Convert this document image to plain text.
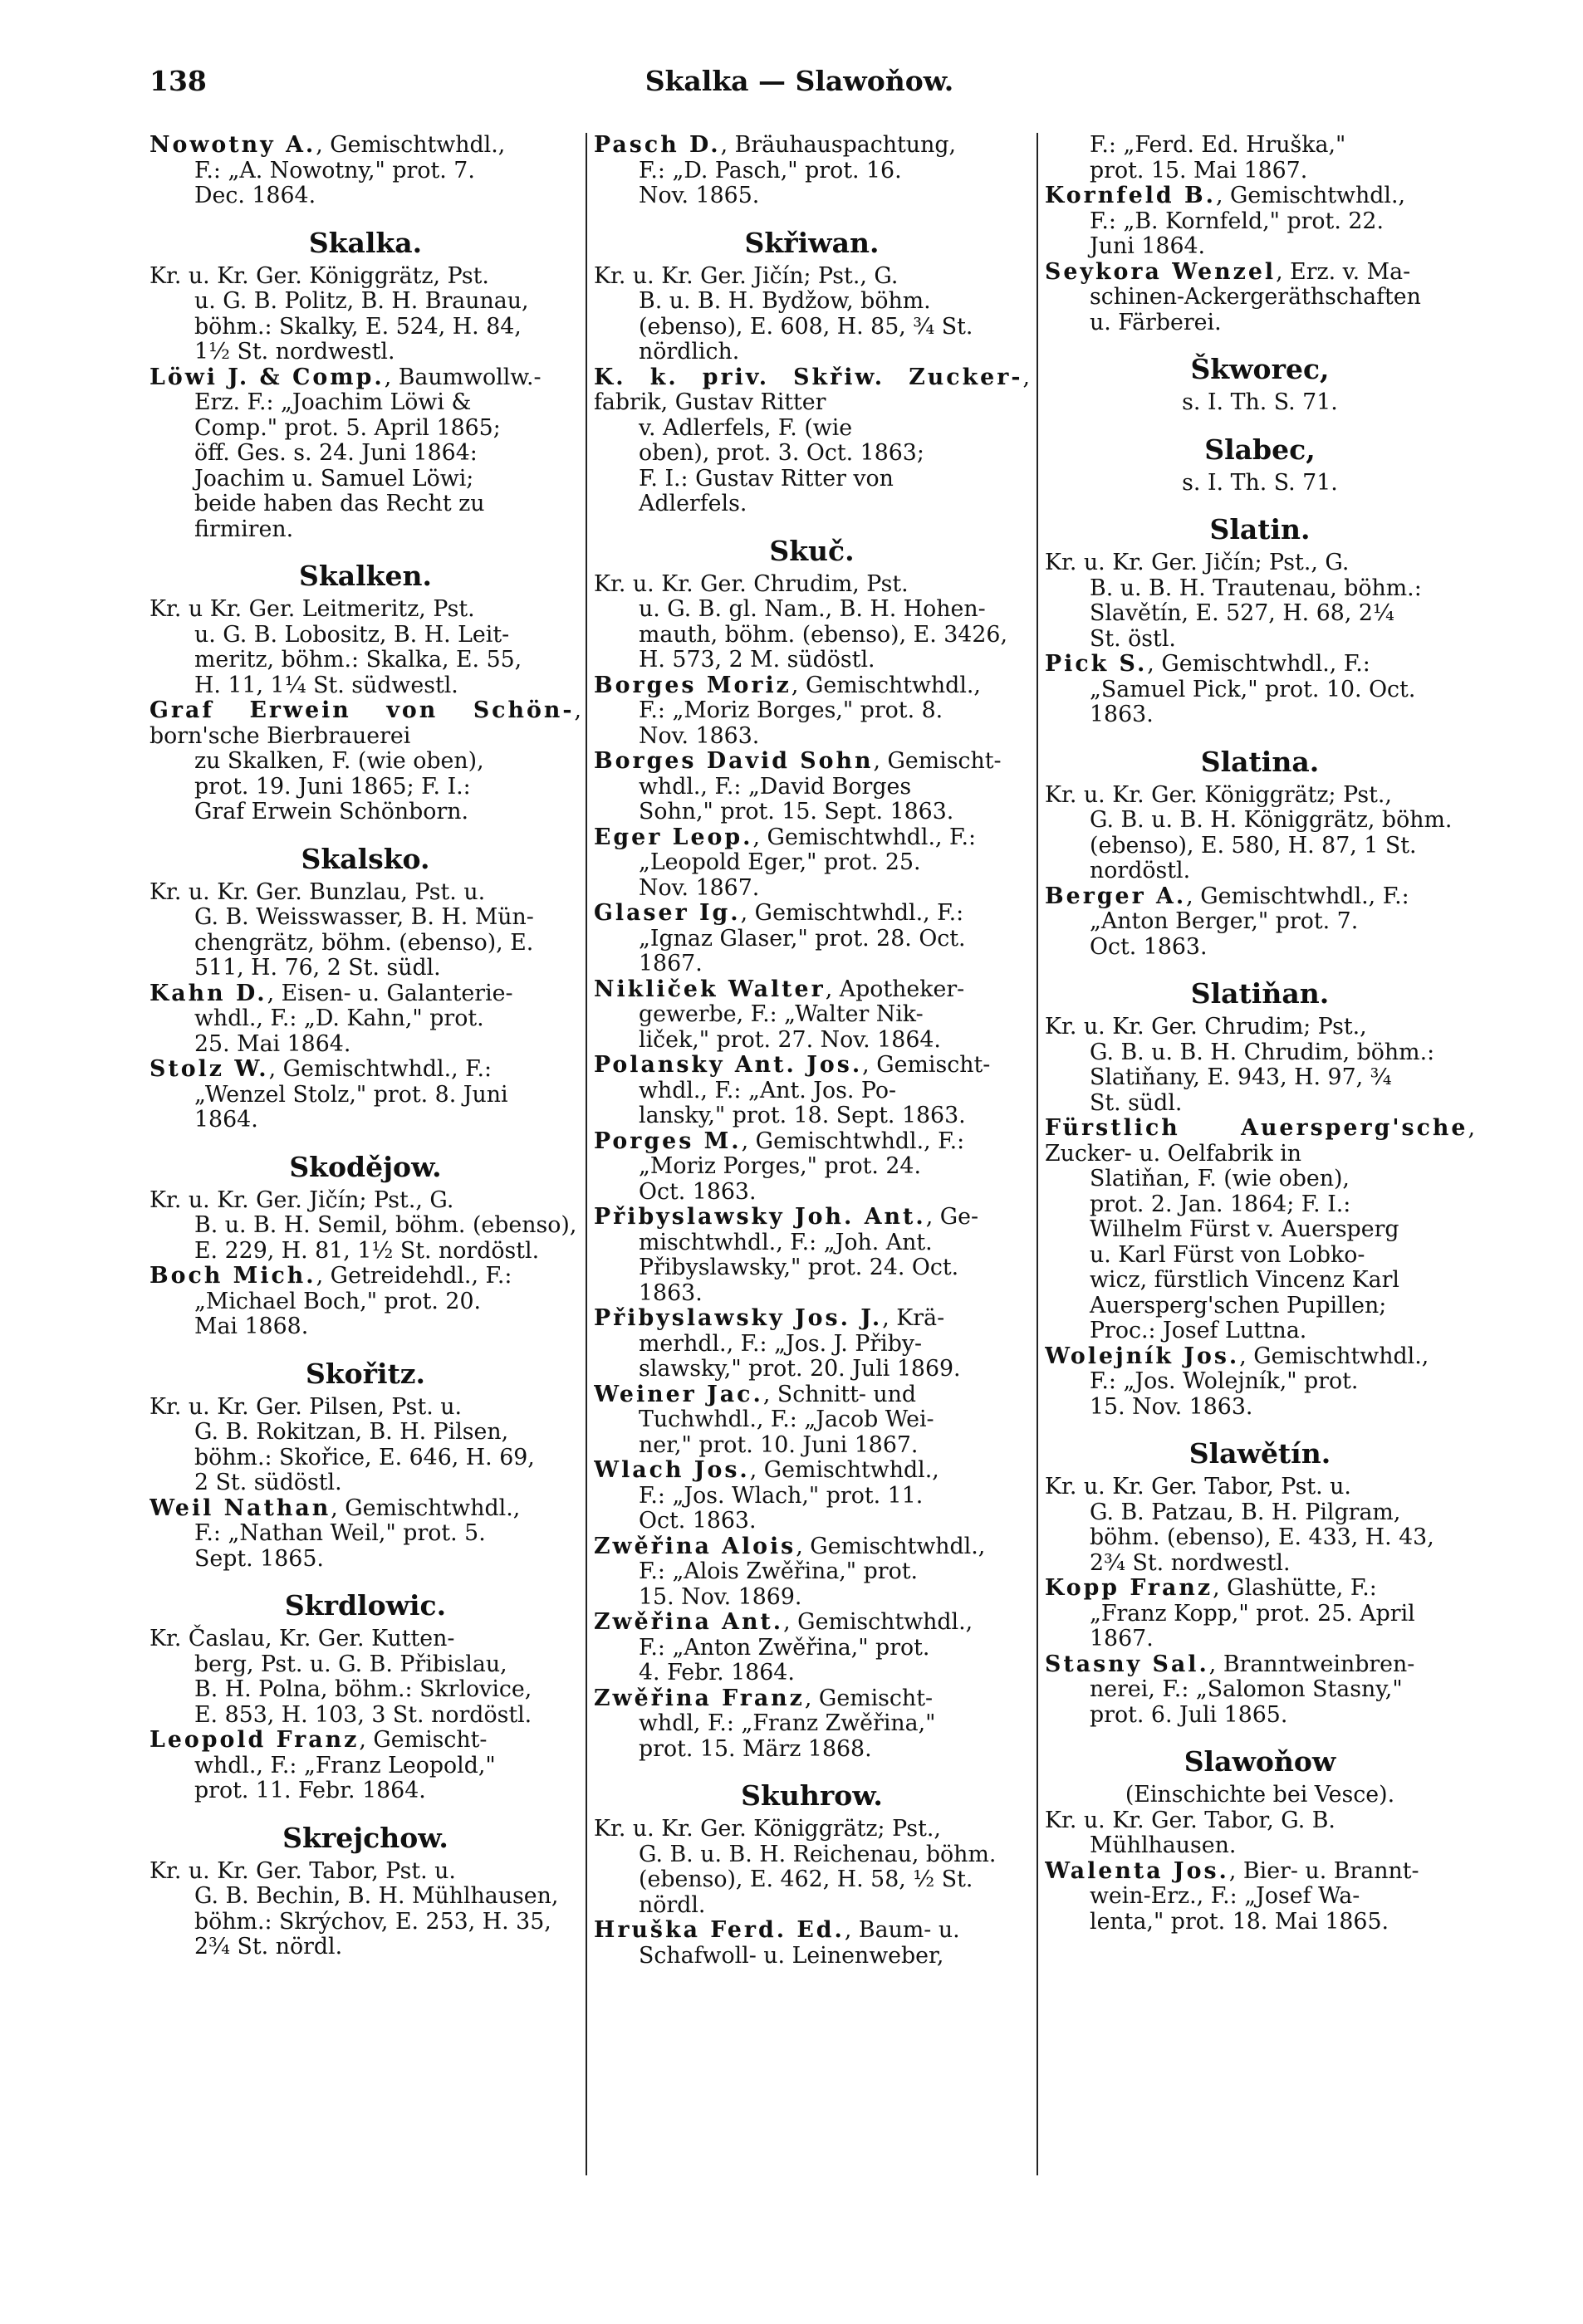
138	Skalka — Slawoňow.
Nowotny A., Gemischtwhdl.,
F.: „A. Nowotny," prot. 7.
Dec. 1864.
Skalka.
Kr. u. Kr. Ger. Königgrätz, Pst.
u. G. B. Politz, B. H. Braunau,
böhm.: Skalky, E. 524, H. 84,
1½ St. nordwestl.
Löwi J. & Comp., Baumwollw.-
Erz. F.: „Joachim Löwi &
Comp." prot. 5. April 1865;
öff. Ges. s. 24. Juni 1864:
Joachim u. Samuel Löwi;
beide haben das Recht zu
firmiren.
Skalken.
Kr. u Kr. Ger. Leitmeritz, Pst.
u. G. B. Lobositz, B. H. Leit-
meritz, böhm.: Skalka, E. 55,
H. 11, 1¼ St. südwestl.
Graf Erwein von Schön-, born'sche Bierbrauerei
zu Skalken, F. (wie oben),
prot. 19. Juni 1865; F. I.:
Graf Erwein Schönborn.
Skalsko.
Kr. u. Kr. Ger. Bunzlau, Pst. u.
G. B. Weisswasser, B. H. Mün-
chengrätz, böhm. (ebenso), E.
511, H. 76, 2 St. südl.
Kahn D., Eisen- u. Galanterie-
whdl., F.: „D. Kahn," prot.
25. Mai 1864.
Stolz W., Gemischtwhdl., F.:
„Wenzel Stolz," prot. 8. Juni
1864.
Skodějow.
Kr. u. Kr. Ger. Jičín; Pst., G.
B. u. B. H. Semil, böhm. (ebenso),
E. 229, H. 81, 1½ St. nordöstl.
Boch Mich., Getreidehdl., F.:
„Michael Boch," prot. 20.
Mai 1868.
Skořitz.
Kr. u. Kr. Ger. Pilsen, Pst. u.
G. B. Rokitzan, B. H. Pilsen,
böhm.: Skořice, E. 646, H. 69,
2 St. südöstl.
Weil Nathan, Gemischtwhdl.,
F.: „Nathan Weil," prot. 5.
Sept. 1865.
Skrdlowic.
Kr. Časlau, Kr. Ger. Kutten-
berg, Pst. u. G. B. Přibislau,
B. H. Polna, böhm.: Skrlovice,
E. 853, H. 103, 3 St. nordöstl.
Leopold Franz, Gemischt-
whdl., F.: „Franz Leopold,"
prot. 11. Febr. 1864.
Skrejchow.
Kr. u. Kr. Ger. Tabor, Pst. u.
G. B. Bechin, B. H. Mühlhausen,
böhm.: Skrýchov, E. 253, H. 35,
2¾ St. nördl.
Pasch D., Bräuhauspachtung,
F.: „D. Pasch," prot. 16.
Nov. 1865.
Skřiwan.
Kr. u. Kr. Ger. Jičín; Pst., G.
B. u. B. H. Bydžow, böhm.
(ebenso), E. 608, H. 85, ¾ St.
nördlich.
K. k. priv. Skřiw. Zucker-, fabrik, Gustav Ritter
v. Adlerfels, F. (wie
oben), prot. 3. Oct. 1863;
F. I.: Gustav Ritter von
Adlerfels.
Skuč.
Kr. u. Kr. Ger. Chrudim, Pst.
u. G. B. gl. Nam., B. H. Hohen-
mauth, böhm. (ebenso), E. 3426,
H. 573, 2 M. südöstl.
Borges Moriz, Gemischtwhdl.,
F.: „Moriz Borges," prot. 8.
Nov. 1863.
Borges David Sohn, Gemischt-
whdl., F.: „David Borges
Sohn," prot. 15. Sept. 1863.
Eger Leop., Gemischtwhdl., F.:
„Leopold Eger," prot. 25.
Nov. 1867.
Glaser Ig., Gemischtwhdl., F.:
„Ignaz Glaser," prot. 28. Oct.
1867.
Nikliček Walter, Apotheker-
gewerbe, F.: „Walter Nik-
liček," prot. 27. Nov. 1864.
Polansky Ant. Jos., Gemischt-
whdl., F.: „Ant. Jos. Po-
lansky," prot. 18. Sept. 1863.
Porges M., Gemischtwhdl., F.:
„Moriz Porges," prot. 24.
Oct. 1863.
Přibyslawsky Joh. Ant., Ge-
mischtwhdl., F.: „Joh. Ant.
Přibyslawsky," prot. 24. Oct.
1863.
Přibyslawsky Jos. J., Krä-
merhdl., F.: „Jos. J. Přiby-
slawsky," prot. 20. Juli 1869.
Weiner Jac., Schnitt- und
Tuchwhdl., F.: „Jacob Wei-
ner," prot. 10. Juni 1867.
Wlach Jos., Gemischtwhdl.,
F.: „Jos. Wlach," prot. 11.
Oct. 1863.
Zwěřina Alois, Gemischtwhdl.,
F.: „Alois Zwěřina," prot.
15. Nov. 1869.
Zwěřina Ant., Gemischtwhdl.,
F.: „Anton Zwěřina," prot.
4. Febr. 1864.
Zwěřina Franz, Gemischt-
whdl, F.: „Franz Zwěřina,"
prot. 15. März 1868.
Skuhrow.
Kr. u. Kr. Ger. Königgrätz; Pst.,
G. B. u. B. H. Reichenau, böhm.
(ebenso), E. 462, H. 58, ½ St.
nördl.
Hruška Ferd. Ed., Baum- u.
Schafwoll- u. Leinenweber,
F.: „Ferd. Ed. Hruška,"
prot. 15. Mai 1867.
Kornfeld B., Gemischtwhdl.,
F.: „B. Kornfeld," prot. 22.
Juni 1864.
Seykora Wenzel, Erz. v. Ma-
schinen-Ackergeräthschaften
u. Färberei.
Škworec,
s. I. Th. S. 71.
Slabec,
s. I. Th. S. 71.
Slatin.
Kr. u. Kr. Ger. Jičín; Pst., G.
B. u. B. H. Trautenau, böhm.:
Slavětín, E. 527, H. 68, 2¼
St. östl.
Pick S., Gemischtwhdl., F.:
„Samuel Pick," prot. 10. Oct.
1863.
Slatina.
Kr. u. Kr. Ger. Königgrätz; Pst.,
G. B. u. B. H. Königgrätz, böhm.
(ebenso), E. 580, H. 87, 1 St.
nordöstl.
Berger A., Gemischtwhdl., F.:
„Anton Berger," prot. 7.
Oct. 1863.
Slatiňan.
Kr. u. Kr. Ger. Chrudim; Pst.,
G. B. u. B. H. Chrudim, böhm.:
Slatiňany, E. 943, H. 97, ¾
St. südl.
Fürstlich Auersperg'sche, Zucker- u. Oelfabrik in
Slatiňan, F. (wie oben),
prot. 2. Jan. 1864; F. I.:
Wilhelm Fürst v. Auersperg
u. Karl Fürst von Lobko-
wicz, fürstlich Vincenz Karl
Auersperg'schen Pupillen;
Proc.: Josef Luttna.
Wolejník Jos., Gemischtwhdl.,
F.: „Jos. Wolejník," prot.
15. Nov. 1863.
Slawětín.
Kr. u. Kr. Ger. Tabor, Pst. u.
G. B. Patzau, B. H. Pilgram,
böhm. (ebenso), E. 433, H. 43,
2¾ St. nordwestl.
Kopp Franz, Glashütte, F.:
„Franz Kopp," prot. 25. April
1867.
Stasny Sal., Branntweinbren-
nerei, F.: „Salomon Stasny,"
prot. 6. Juli 1865.
Slawoňow
(Einschichte bei Vesce).
Kr. u. Kr. Ger. Tabor, G. B.
Mühlhausen.
Walenta Jos., Bier- u. Brannt-
wein-Erz., F.: „Josef Wa-
lenta," prot. 18. Mai 1865.
